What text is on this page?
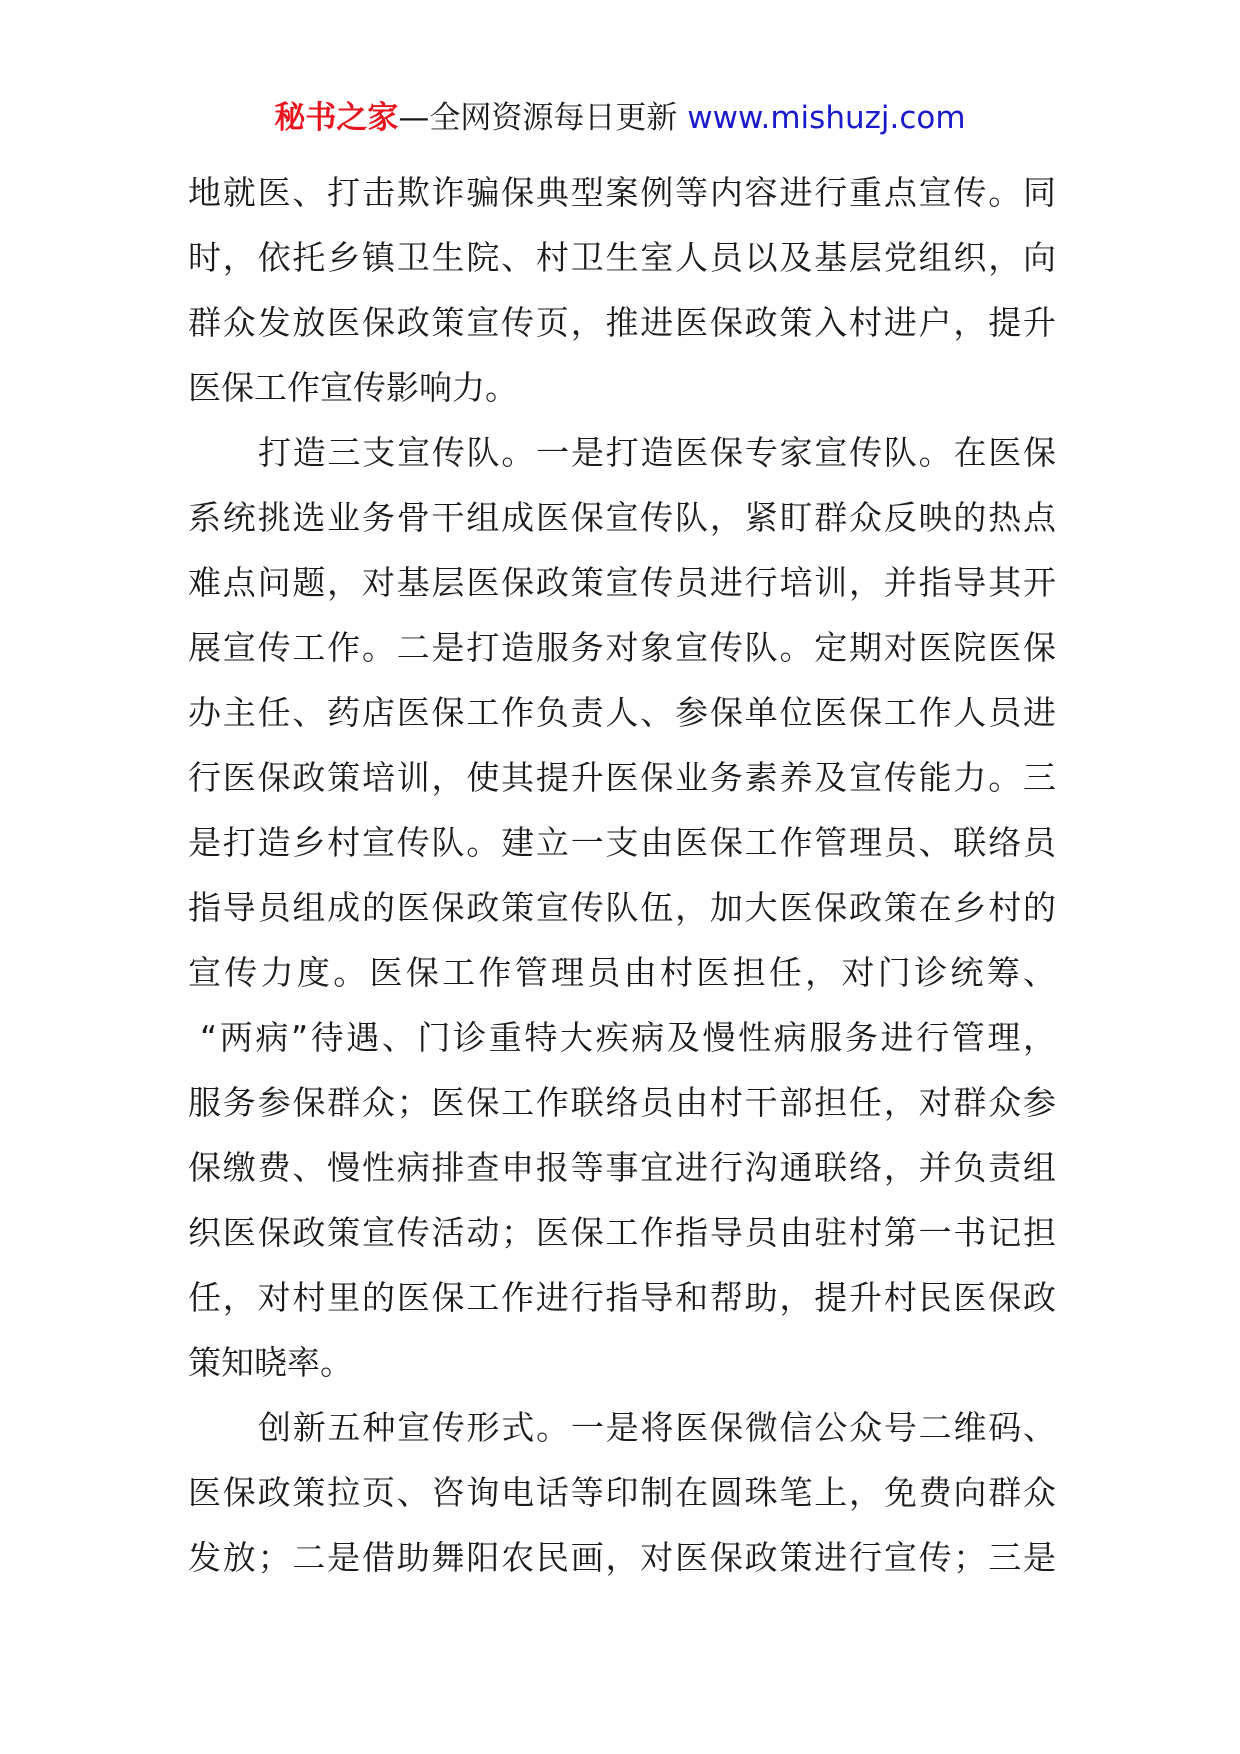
秘书之家—全网资源每日更新 www.mishuzj.com
地就医、打击欺诈骗保典型案例等内容进行重点宣传。同
时，依托乡镇卫生院、村卫生室人员以及基层党组织，向
群众发放医保政策宣传页，推进医保政策入村进户，提升
医保工作宣传影响力。
打造三支宣传队。一是打造医保专家宣传队。在医保
系统挑选业务骨干组成医保宣传队，紧盯群众反映的热点
难点问题，对基层医保政策宣传员进行培训，并指导其开
展宣传工作。二是打造服务对象宣传队。定期对医院医保
办主任、药店医保工作负责人、参保单位医保工作人员进
行医保政策培训，使其提升医保业务素养及宣传能力。三
是打造乡村宣传队。建立一支由医保工作管理员、联络员
指导员组成的医保政策宣传队伍，加大医保政策在乡村的
宣传力度。医保工作管理员由村医担任，对门诊统筹、
“两病”待遇、门诊重特大疾病及慢性病服务进行管理，
服务参保群众；医保工作联络员由村干部担任，对群众参
保缴费、慢性病排查申报等事宜进行沟通联络，并负责组
织医保政策宣传活动；医保工作指导员由驻村第一书记担
任，对村里的医保工作进行指导和帮助，提升村民医保政
策知晓率。
创新五种宣传形式。一是将医保微信公众号二维码、
医保政策拉页、咨询电话等印制在圆珠笔上，免费向群众
发放；二是借助舞阳农民画，对医保政策进行宣传；三是
